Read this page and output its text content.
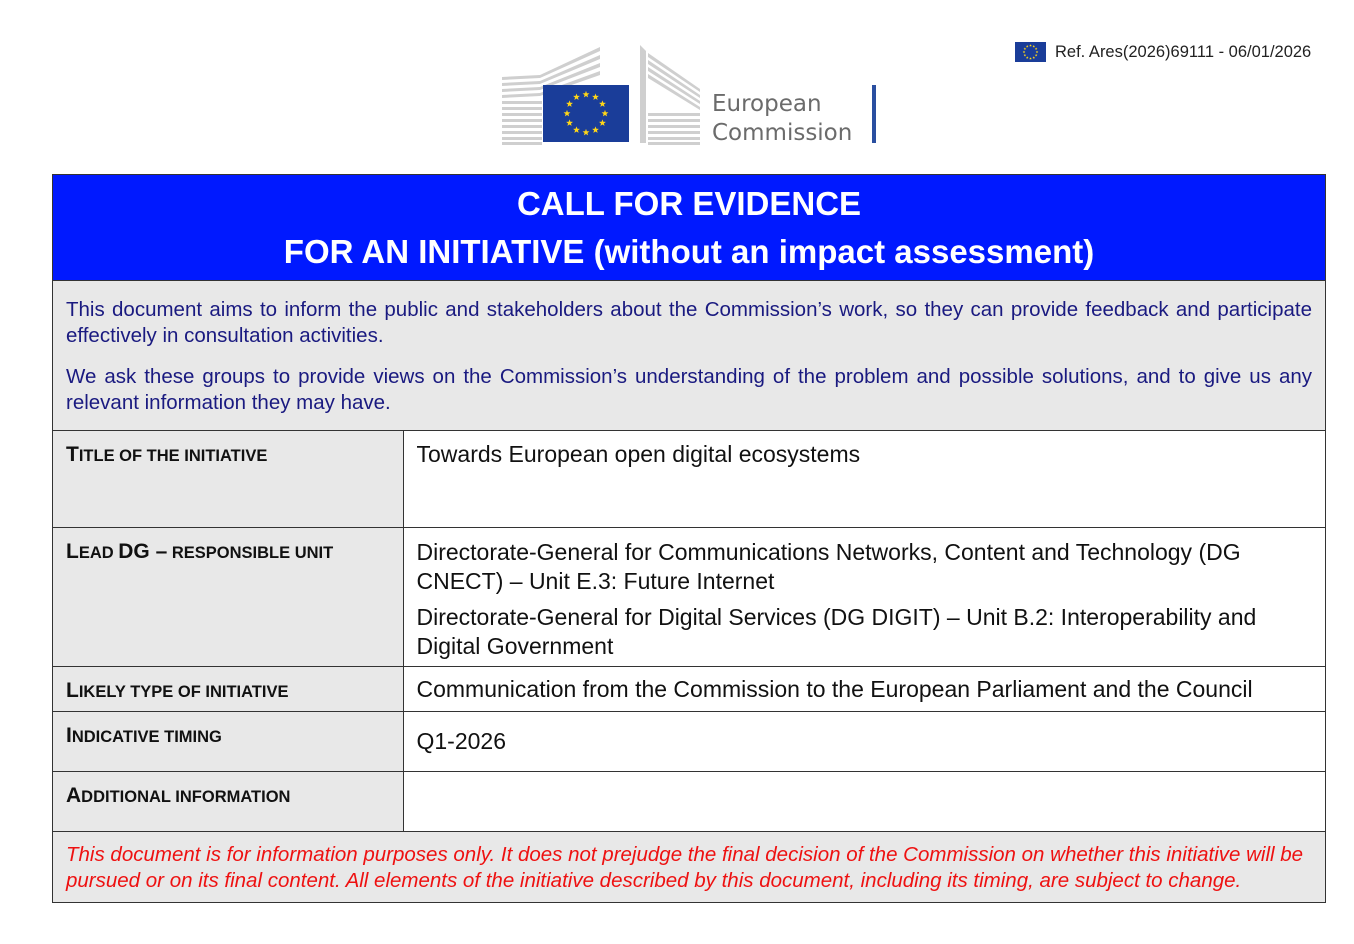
Ref. Ares(2026)69111 - 06/01/2026
European
Commission
CALL FOR EVIDENCE
FOR AN INITIATIVE (without an impact assessment)

This document aims to inform the public and stakeholders about the Commission’s work, so they can provide feedback and participate effectively in consultation activities.

We ask these groups to provide views on the Commission’s understanding of the problem and possible solutions, and to give us any relevant information they may have.

TITLE OF THE INITIATIVE	Towards European open digital ecosystems
LEAD DG – RESPONSIBLE UNIT	Directorate-General for Communications Networks, Content and Technology (DG CNECT) – Unit E.3: Future Internet

Directorate-General for Digital Services (DG DIGIT) – Unit B.2: Interoperability and Digital Government

LIKELY TYPE OF INITIATIVE	Communication from the Commission to the European Parliament and the Council
INDICATIVE TIMING	Q1-2026
ADDITIONAL INFORMATION	
This document is for information purposes only. It does not prejudge the final decision of the Commission on whether this initiative will be pursued or on its final content. All elements of the initiative described by this document, including its timing, are subject to change.
